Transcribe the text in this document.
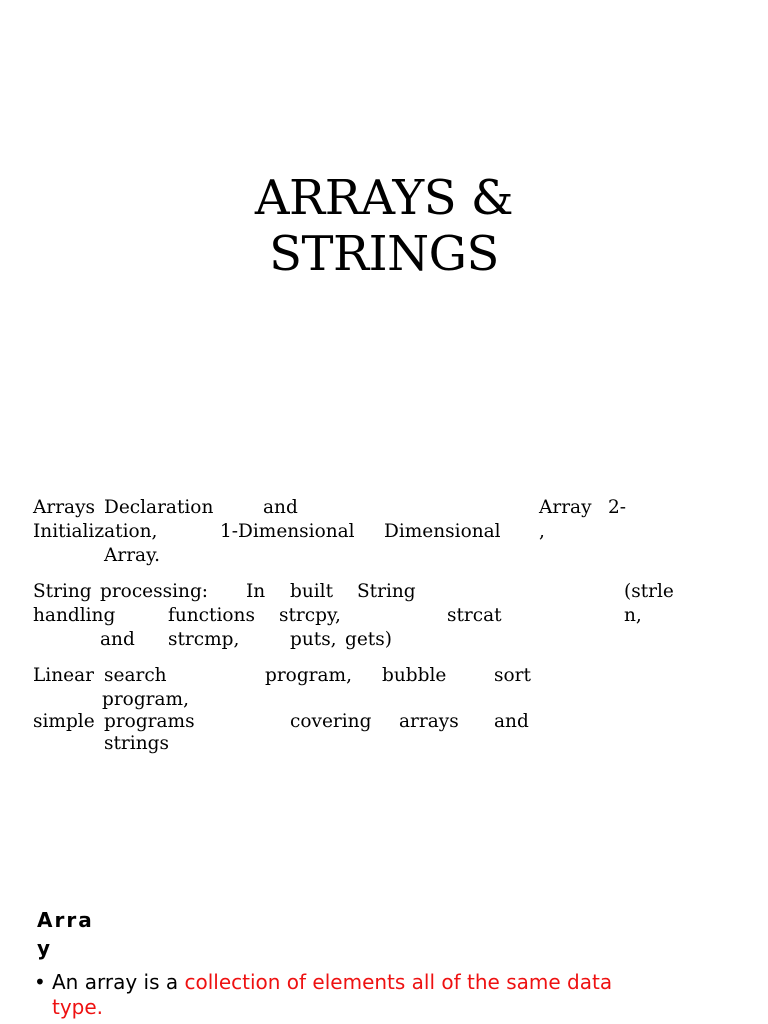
ARRAYS &
STRINGS
Arrays Declaration	and	Array 2-
Initialization,	1-Dimensional Dimensional ,
Array.
String processing: In built String	(strle
handling	functions strcpy,	strcat	n,
and strcmp,	puts, gets)
Linear search	program, bubble	sort
program,
simple programs	covering arrays and
strings
Arra
y
• An array is a collection of elements all of the same data type.
